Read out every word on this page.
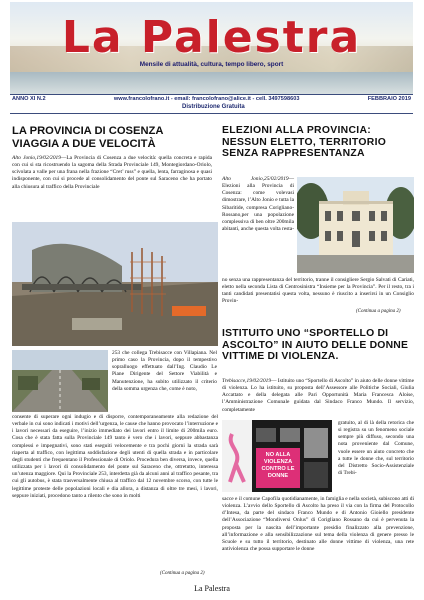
La Palestra
Mensile di attualità, cultura, tempo libero, sport
ANNO XI N.2	www.francolofrano.it - email: francolofrano@alice.it - cell. 3497598603	FEBBRAIO 2019
Distribuzione Gratuita
LA PROVINCIA DI COSENZA VIAGGIA A DUE VELOCITÀ

Alto Jonio,19/02/2019—La Provincia di Cosenza a due velocità: quella concreta e rapida con cui si sta ricostruendo la sagoma della Strada Provinciale 149, Montegiordano-Oriolo, scivolata a valle per una frana nella frazione “Cret’ russ” e quella, lenta, farraginosa e quasi indisponente, con cui si procede al consolidamento del ponte sul Saraceno che ha portato alla chiusura al traffico della Provinciale

253 che collega Trebisacce con Villapiana. Nel primo caso la Provincia, dopo il tempestivo sopralluogo effettuato dall’Ing. Claudio Le Piane Dirigente del Settore Viabilità e Manutenzione, ha subito utilizzato il criterio della somma urgenza che, come è noto,

consente di superare ogni indugio e di disporre, contemporaneamente alla redazione del verbale in cui sono indicati i motivi dell’urgenza, le cause che hanno provocato l’interruzione e i lavori necessari da eseguire, l’inizio immediato dei lavori entro il limite di 200mila euro. Cosa che è stata fatta sulla Provinciale 149 tanto è vero che i lavori, seppure abbastanza complessi e impegnativi, sono stati eseguiti velocemente e tra pochi giorni la strada sarà riaperta al traffico, con legittima soddisfazione degli utenti di quella strada e in particolare degli studenti che frequentano il Professionale di Oriolo. Procedura ben diversa, invece, quella utilizzata per i lavori di consolidamento del ponte sul Saraceno che, ottretutto, interessa un’utenza maggiore. Qui la Provinciale 253, interdetta già da alcuni anni al traffico pesante, tra cui gli autobus, è stata trasversalmente chiusa al traffico dal 12 novembre scorso, con tutte le legittime proteste delle popolazioni locali e dia allora, a distanza di oltre tre mesi, i lavori, seppure iniziati, procedono tanto a rilento che sono in molti

(Continua a pagina 2)
ELEZIONI ALLA PROVINCIA: NESSUN ELETTO, TERRITORIO SENZA RAPPRESENTANZA

Alto Jonio,25/02/2019— Elezioni alla Provincia di Cosenza: come volevasi dimostrare, l’Alto Jonio e tutta la Sibaritide, compresa Corigliano-Rossano,per una popolazione complessiva di ben oltre 200mila abitanti, anche questa volta resta-

no senza una rappresentanza del territorio, tranne il consigliere Sergio Salvati di Cariati, eletto nella seconda Lista di Centrosinistra “Insieme per la Provincia”. Per il resto, tra i tanti candidati presentatisi questa volta, nessuno è riuscito a inserirsi in un Consiglio Provin-

(Continua a pagina 2)
ISTITUITO UNO “SPORTELLO DI ASCOLTO” IN AIUTO DELLE DONNE VITTIME DI VIOLENZA.

Trebisacce,19/02/2019— Istituito uno “Sportello di Ascolto” in aiuto delle donne vittime di violenza. Lo ha istituito, su proposta dell’Assessore alle Politiche Sociali, Giulia Accattato e della delegata alle Pari Opportunità Maria Francesca Aloise, l’Amministrazione Comunale guidata dal Sindaco Franco Mundo. Il servizio, completamente

NO ALLA VIOLENZA CONTRO LE DONNE

gratuito, al di là della retorica che si registra su un fenomeno sociale sempre più diffuso, secondo una nota proveniente dal Comune, vuole essere un aiuto concreto che a tutte le donne che, sul territorio del Distretto Socio-Assistenziale di Trebi-

sacce e il comune Capofila quotidianamente, in famiglia e nella società, subiscono atti di violenza. L’avvio dello Sportello di Ascolto ha preso il via con la firma del Protocollo d’Intesa, da parte del sindaco Franco Mundo e di Antonio Gioiello presidente dell’Associazione “Mondiversi Onlus” di Corigliano Rossano da cui è pervenuta la proposta per la nascita dell’importante presidio finalizzato alla prevenzione, all’informazione e alla sensibilizzazione sul tema della violenza di genere presso le Scuole e su tutto il territorio, destinato alle donne vittime di violenza, una rete antiviolenza che possa supportare le donne

La Palestra
